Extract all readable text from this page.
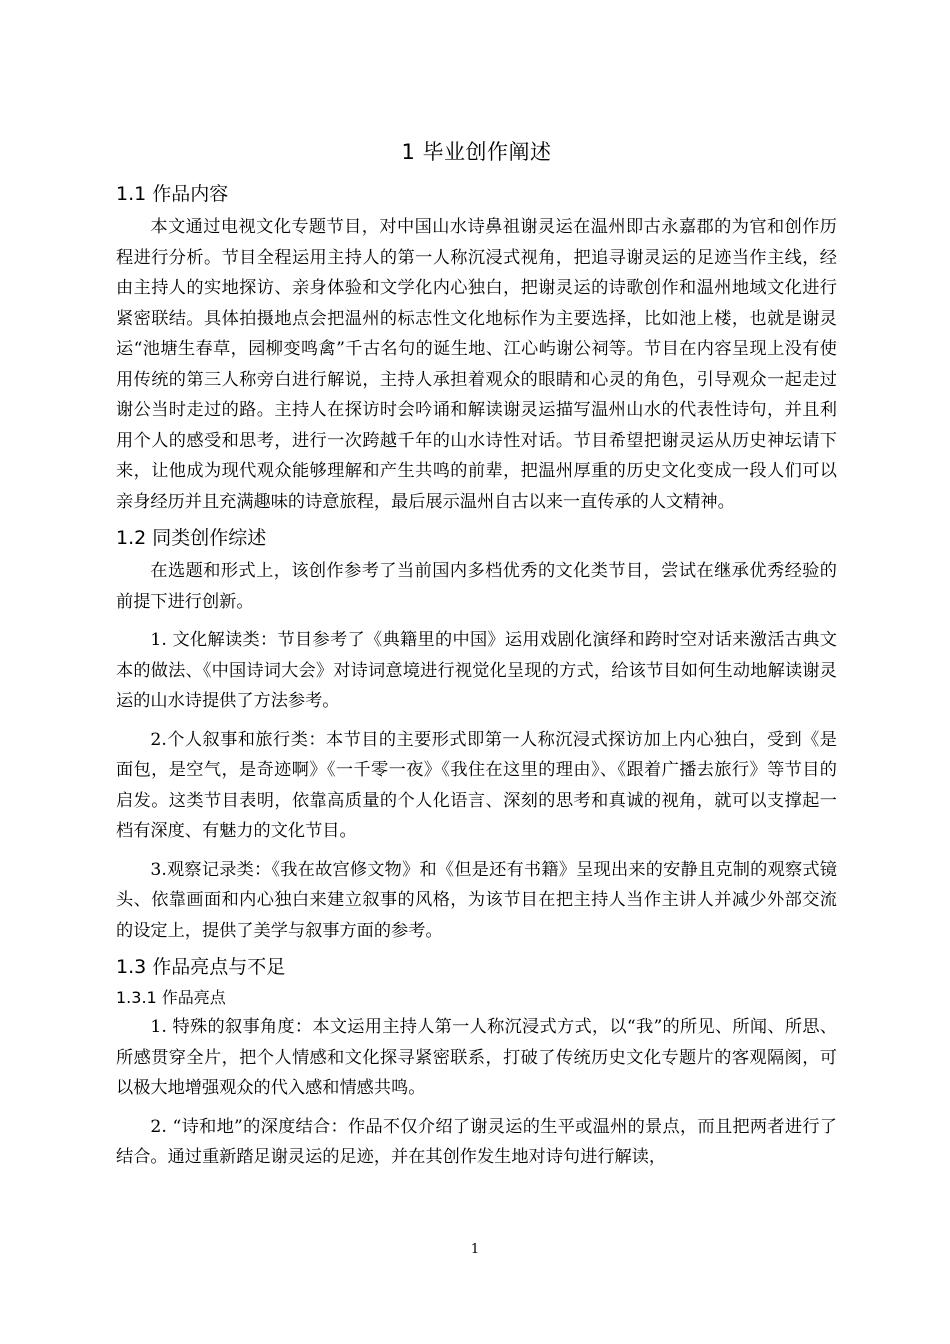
1 毕业创作阐述
1.1 作品内容

本文通过电视文化专题节目，对中国山水诗鼻祖谢灵运在温州即古永嘉郡的为官和创作历程进行分析。节目全程运用主持人的第一人称沉浸式视角，把追寻谢灵运的足迹当作主线，经由主持人的实地探访、亲身体验和文学化内心独白，把谢灵运的诗歌创作和温州地域文化进行紧密联结。具体拍摄地点会把温州的标志性文化地标作为主要选择，比如池上楼，也就是谢灵运“池塘生春草，园柳变鸣禽”千古名句的诞生地、江心屿谢公祠等。节目在内容呈现上没有使用传统的第三人称旁白进行解说，主持人承担着观众的眼睛和心灵的角色，引导观众一起走过谢公当时走过的路。主持人在探访时会吟诵和解读谢灵运描写温州山水的代表性诗句，并且利用个人的感受和思考，进行一次跨越千年的山水诗性对话。节目希望把谢灵运从历史神坛请下来，让他成为现代观众能够理解和产生共鸣的前辈，把温州厚重的历史文化变成一段人们可以亲身经历并且充满趣味的诗意旅程，最后展示温州自古以来一直传承的人文精神。

1.2 同类创作综述

在选题和形式上，该创作参考了当前国内多档优秀的文化类节目，尝试在继承优秀经验的前提下进行创新。

1. 文化解读类：节目参考了《典籍里的中国》运用戏剧化演绎和跨时空对话来激活古典文本的做法、《中国诗词大会》对诗词意境进行视觉化呈现的方式，给该节目如何生动地解读谢灵运的山水诗提供了方法参考。

2.个人叙事和旅行类：本节目的主要形式即第一人称沉浸式探访加上内心独白，受到《是面包，是空气，是奇迹啊》《一千零一夜》《我住在这里的理由》、《跟着广播去旅行》等节目的启发。这类节目表明，依靠高质量的个人化语言、深刻的思考和真诚的视角，就可以支撑起一档有深度、有魅力的文化节目。

3.观察记录类：《我在故宫修文物》和《但是还有书籍》呈现出来的安静且克制的观察式镜头、依靠画面和内心独白来建立叙事的风格，为该节目在把主持人当作主讲人并减少外部交流的设定上，提供了美学与叙事方面的参考。

1.3 作品亮点与不足
1.3.1 作品亮点

1. 特殊的叙事角度：本文运用主持人第一人称沉浸式方式，以“我”的所见、所闻、所思、所感贯穿全片，把个人情感和文化探寻紧密联系，打破了传统历史文化专题片的客观隔阂，可以极大地增强观众的代入感和情感共鸣。

2. “诗和地”的深度结合：作品不仅介绍了谢灵运的生平或温州的景点，而且把两者进行了结合。通过重新踏足谢灵运的足迹，并在其创作发生地对诗句进行解读，

1
